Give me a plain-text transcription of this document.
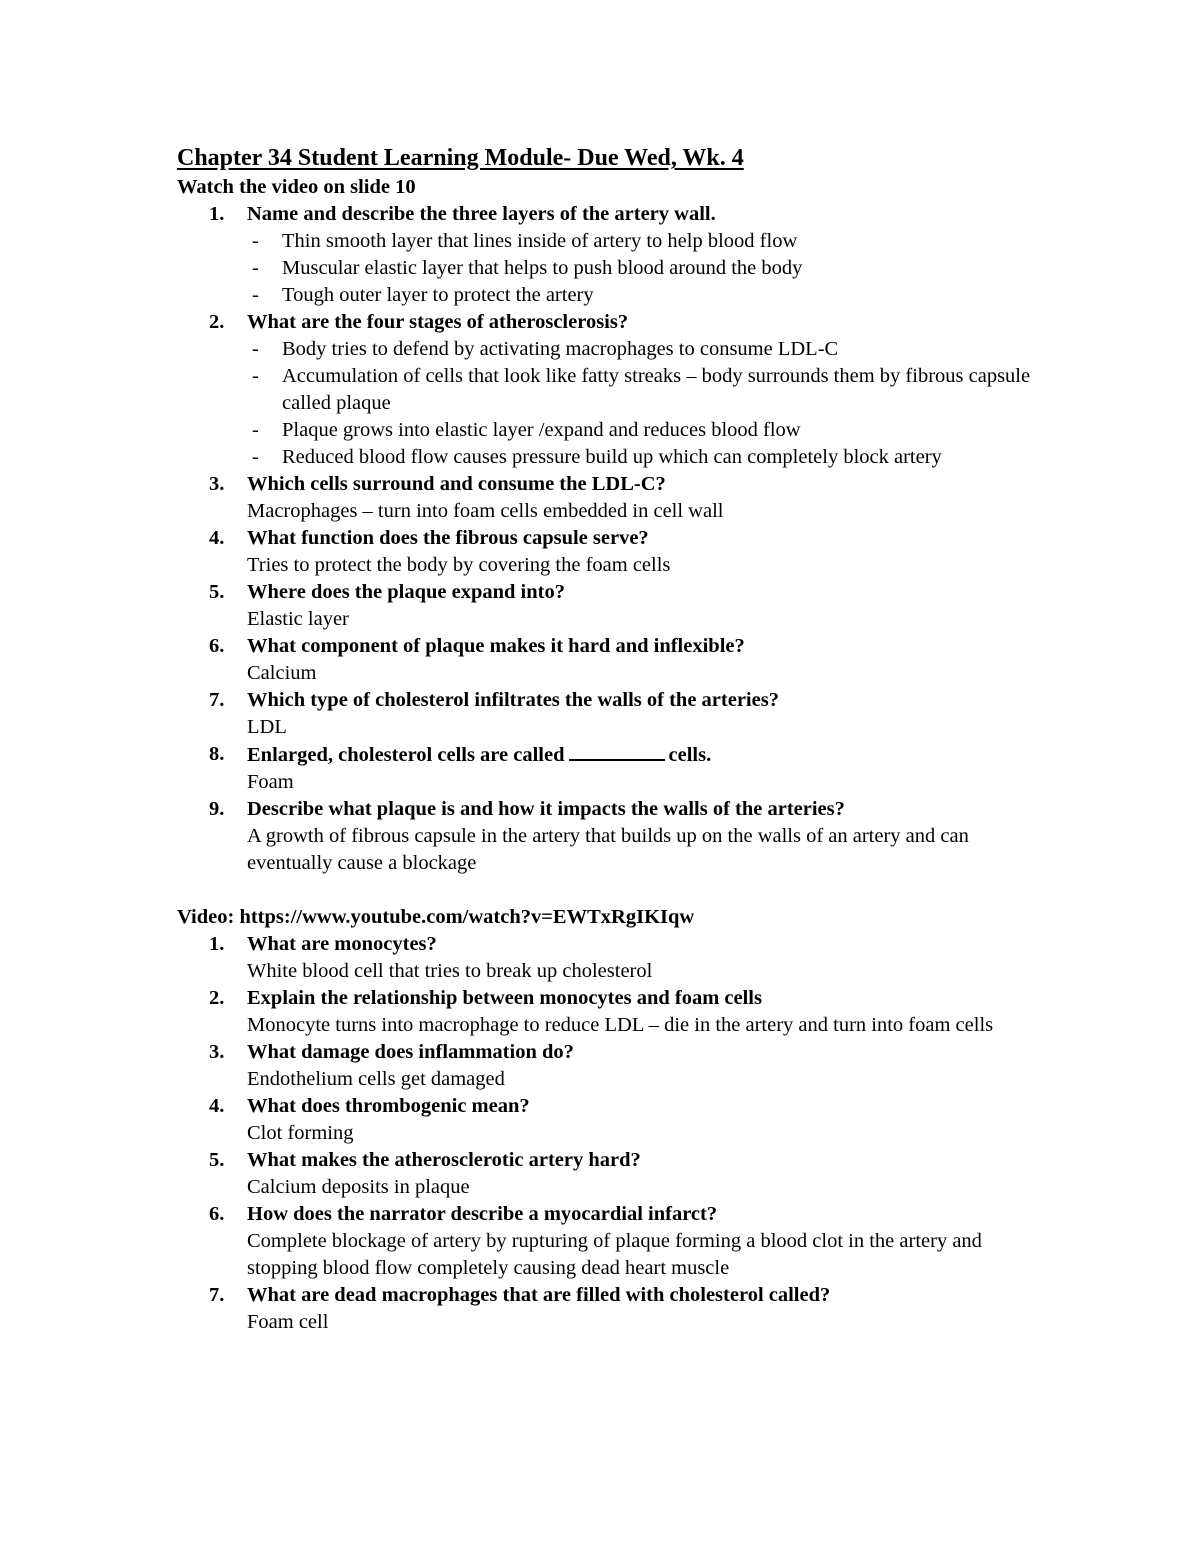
Chapter 34 Student Learning Module- Due Wed, Wk. 4
Watch the video on slide 10
1. Name and describe the three layers of the artery wall.
- Thin smooth layer that lines inside of artery to help blood flow
- Muscular elastic layer that helps to push blood around the body
- Tough outer layer to protect the artery
2. What are the four stages of atherosclerosis?
- Body tries to defend by activating macrophages to consume LDL-C
- Accumulation of cells that look like fatty streaks – body surrounds them by fibrous capsule called plaque
- Plaque grows into elastic layer /expand and reduces blood flow
- Reduced blood flow causes pressure build up which can completely block artery
3. Which cells surround and consume the LDL-C?
Macrophages – turn into foam cells embedded in cell wall
4. What function does the fibrous capsule serve?
Tries to protect the body by covering the foam cells
5. Where does the plaque expand into?
Elastic layer
6. What component of plaque makes it hard and inflexible?
Calcium
7. Which type of cholesterol infiltrates the walls of the arteries?
LDL
8. Enlarged, cholesterol cells are called	cells.
Foam
9. Describe what plaque is and how it impacts the walls of the arteries?
A growth of fibrous capsule in the artery that builds up on the walls of an artery and can eventually cause a blockage
Video: https://www.youtube.com/watch?v=EWTxRgIKIqw
1. What are monocytes?
White blood cell that tries to break up cholesterol
2. Explain the relationship between monocytes and foam cells
Monocyte turns into macrophage to reduce LDL – die in the artery and turn into foam cells
3. What damage does inflammation do?
Endothelium cells get damaged
4. What does thrombogenic mean?
Clot forming
5. What makes the atherosclerotic artery hard?
Calcium deposits in plaque
6. How does the narrator describe a myocardial infarct?
Complete blockage of artery by rupturing of plaque forming a blood clot in the artery and stopping blood flow completely causing dead heart muscle
7. What are dead macrophages that are filled with cholesterol called?
Foam cell
